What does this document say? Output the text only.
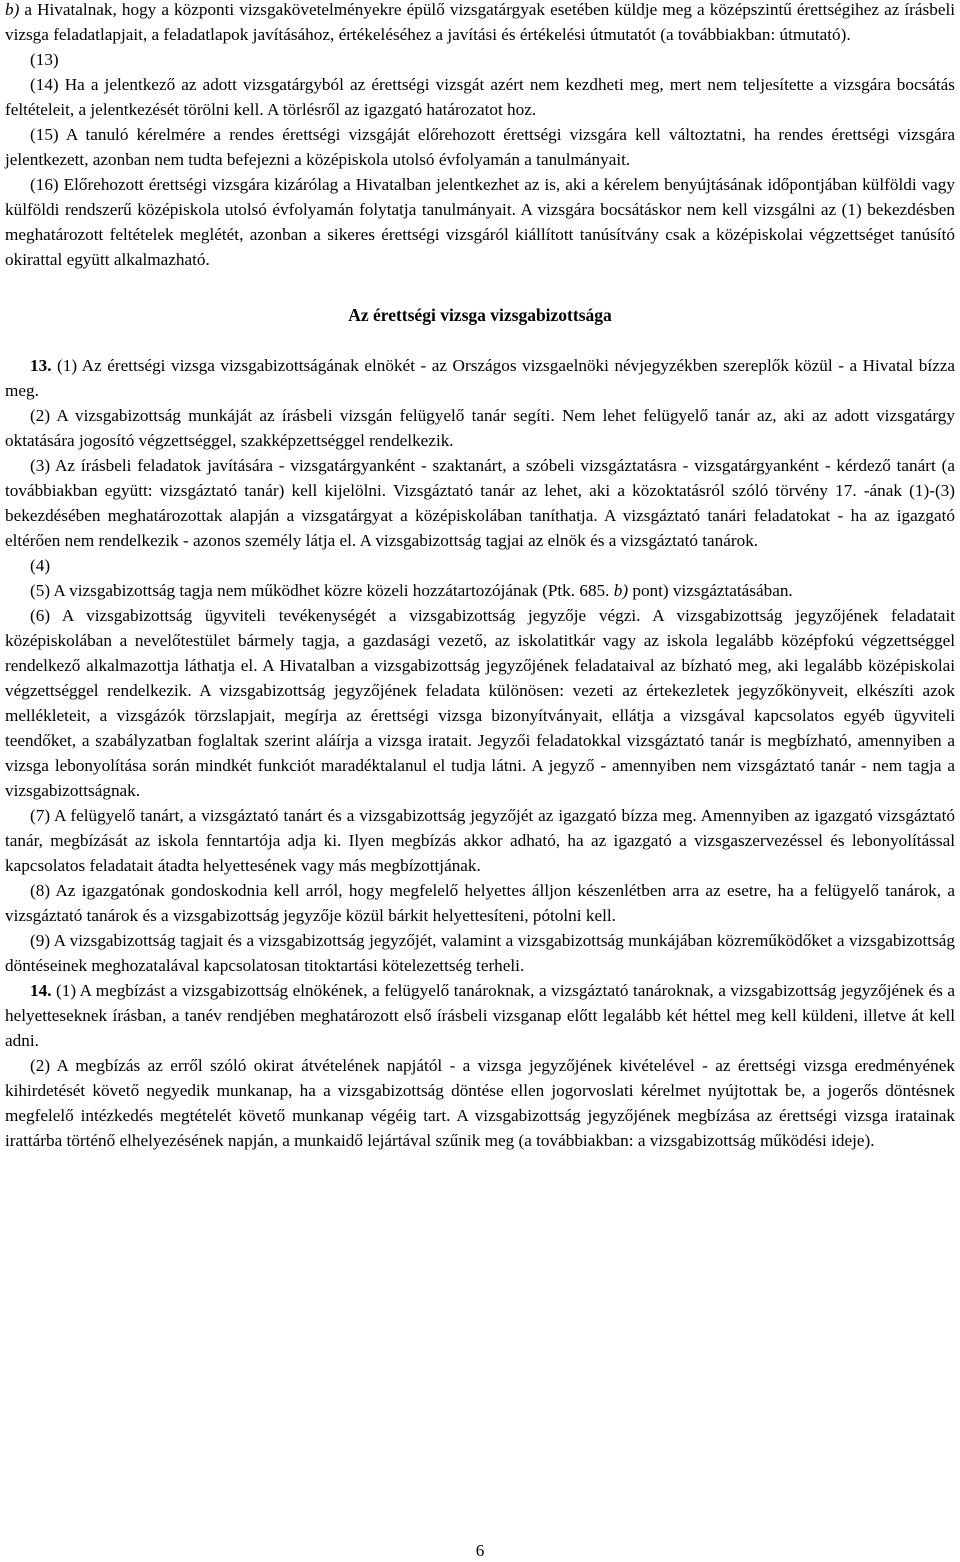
b) a Hivatalnak, hogy a központi vizsgakövetelményekre épülő vizsgatárgyak esetében küldje meg a középszintű érettségihez az írásbeli vizsga feladatlapjait, a feladatlapok javításához, értékeléséhez a javítási és értékelési útmutatót (a továbbiakban: útmutató).

(13)

(14) Ha a jelentkező az adott vizsgatárgyból az érettségi vizsgát azért nem kezdheti meg, mert nem teljesítette a vizsgára bocsátás feltételeit, a jelentkezését törölni kell. A törlésről az igazgató határozatot hoz.

(15) A tanuló kérelmére a rendes érettségi vizsgáját előrehozott érettségi vizsgára kell változtatni, ha rendes érettségi vizsgára jelentkezett, azonban nem tudta befejezni a középiskola utolsó évfolyamán a tanulmányait.

(16) Előrehozott érettségi vizsgára kizárólag a Hivatalban jelentkezhet az is, aki a kérelem benyújtásának időpontjában külföldi vagy külföldi rendszerű középiskola utolsó évfolyamán folytatja tanulmányait. A vizsgára bocsátáskor nem kell vizsgálni az (1) bekezdésben meghatározott feltételek meglétét, azonban a sikeres érettségi vizsgáról kiállított tanúsítvány csak a középiskolai végzettséget tanúsító okirattal együtt alkalmazható.

Az érettségi vizsga vizsgabizottsága

13. (1) Az érettségi vizsga vizsgabizottságának elnökét - az Országos vizsgaelnöki névjegyzékben szereplők közül - a Hivatal bízza meg.

(2) A vizsgabizottság munkáját az írásbeli vizsgán felügyelő tanár segíti. Nem lehet felügyelő tanár az, aki az adott vizsgatárgy oktatására jogosító végzettséggel, szakképzettséggel rendelkezik.

(3) Az írásbeli feladatok javítására - vizsgatárgyanként - szaktanárt, a szóbeli vizsgáztatásra - vizsgatárgyanként - kérdező tanárt (a továbbiakban együtt: vizsgáztató tanár) kell kijelölni. Vizsgáztató tanár az lehet, aki a közoktatásról szóló törvény 17. -ának (1)-(3) bekezdésében meghatározottak alapján a vizsgatárgyat a középiskolában taníthatja. A vizsgáztató tanári feladatokat - ha az igazgató eltérően nem rendelkezik - azonos személy látja el. A vizsgabizottság tagjai az elnök és a vizsgáztató tanárok.

(4)

(5) A vizsgabizottság tagja nem működhet közre közeli hozzátartozójának (Ptk. 685. b) pont) vizsgáztatásában.

(6) A vizsgabizottság ügyviteli tevékenységét a vizsgabizottság jegyzője végzi. A vizsgabizottság jegyzőjének feladatait középiskolában a nevelőtestület bármely tagja, a gazdasági vezető, az iskolatitkár vagy az iskola legalább középfokú végzettséggel rendelkező alkalmazottja láthatja el. A Hivatalban a vizsgabizottság jegyzőjének feladataival az bízható meg, aki legalább középiskolai végzettséggel rendelkezik. A vizsgabizottság jegyzőjének feladata különösen: vezeti az értekezletek jegyzőkönyveit, elkészíti azok mellékleteit, a vizsgázók törzslapjait, megírja az érettségi vizsga bizonyítványait, ellátja a vizsgával kapcsolatos egyéb ügyviteli teendőket, a szabályzatban foglaltak szerint aláírja a vizsga iratait. Jegyzői feladatokkal vizsgáztató tanár is megbízható, amennyiben a vizsga lebonyolítása során mindkét funkciót maradéktalanul el tudja látni. A jegyző - amennyiben nem vizsgáztató tanár - nem tagja a vizsgabizottságnak.

(7) A felügyelő tanárt, a vizsgáztató tanárt és a vizsgabizottság jegyzőjét az igazgató bízza meg. Amennyiben az igazgató vizsgáztató tanár, megbízását az iskola fenntartója adja ki. Ilyen megbízás akkor adható, ha az igazgató a vizsgaszervezéssel és lebonyolítással kapcsolatos feladatait átadta helyettesének vagy más megbízottjának.

(8) Az igazgatónak gondoskodnia kell arról, hogy megfelelő helyettes álljon készenlétben arra az esetre, ha a felügyelő tanárok, a vizsgáztató tanárok és a vizsgabizottság jegyzője közül bárkit helyettesíteni, pótolni kell.

(9) A vizsgabizottság tagjait és a vizsgabizottság jegyzőjét, valamint a vizsgabizottság munkájában közreműködőket a vizsgabizottság döntéseinek meghozatalával kapcsolatosan titoktartási kötelezettség terheli.

14. (1) A megbízást a vizsgabizottság elnökének, a felügyelő tanároknak, a vizsgáztató tanároknak, a vizsgabizottság jegyzőjének és a helyetteseknek írásban, a tanév rendjében meghatározott első írásbeli vizsganap előtt legalább két héttel meg kell küldeni, illetve át kell adni.

(2) A megbízás az erről szóló okirat átvételének napjától - a vizsga jegyzőjének kivételével - az érettségi vizsga eredményének kihirdetését követő negyedik munkanap, ha a vizsgabizottság döntése ellen jogorvoslati kérelmet nyújtottak be, a jogerős döntésnek megfelelő intézkedés megtételét követő munkanap végéig tart. A vizsgabizottság jegyzőjének megbízása az érettségi vizsga iratainak irattárba történő elhelyezésének napján, a munkaidő lejártával szűnik meg (a továbbiakban: a vizsgabizottság működési ideje).

6
